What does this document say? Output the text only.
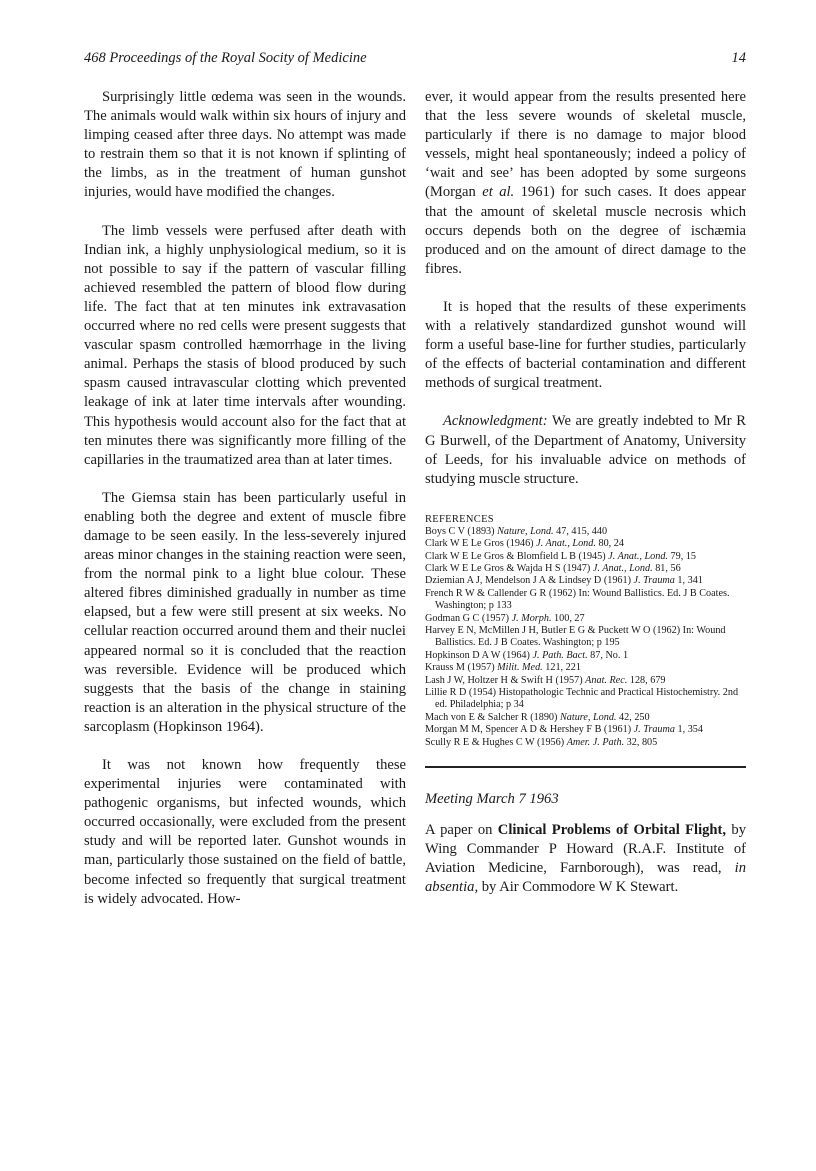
468 Proceedings of the Royal Socity of Medicine	14

Surprisingly little œdema was seen in the wounds. The animals would walk within six hours of injury and limping ceased after three days. No attempt was made to restrain them so that it is not known if splinting of the limbs, as in the treatment of human gunshot injuries, would have modified the changes.

The limb vessels were perfused after death with Indian ink, a highly unphysiological medium, so it is not possible to say if the pattern of vascular filling achieved resembled the pattern of blood flow during life. The fact that at ten minutes ink extravasation occurred where no red cells were present suggests that vascular spasm controlled hæmorrhage in the living animal. Perhaps the stasis of blood produced by such spasm caused intravascular clotting which prevented leakage of ink at later time intervals after wounding. This hypothesis would account also for the fact that at ten minutes there was significantly more filling of the capillaries in the traumatized area than at later times.

The Giemsa stain has been particularly useful in enabling both the degree and extent of muscle fibre damage to be seen easily. In the less-severely injured areas minor changes in the staining reaction were seen, from the normal pink to a light blue colour. These altered fibres diminished gradually in number as time elapsed, but a few were still present at six weeks. No cellular reaction occurred around them and their nuclei appeared normal so it is concluded that the reaction was reversible. Evidence will be produced which suggests that the basis of the change in staining reaction is an alteration in the physical structure of the sarcoplasm (Hopkinson 1964).

It was not known how frequently these experimental injuries were contaminated with pathogenic organisms, but infected wounds, which occurred occasionally, were excluded from the present study and will be reported later. Gunshot wounds in man, particularly those sustained on the field of battle, become infected so frequently that surgical treatment is widely advocated. How-

ever, it would appear from the results presented here that the less severe wounds of skeletal muscle, particularly if there is no damage to major blood vessels, might heal spontaneously; indeed a policy of ‘wait and see’ has been adopted by some surgeons (Morgan et al. 1961) for such cases. It does appear that the amount of skeletal muscle necrosis which occurs depends both on the degree of ischæmia produced and on the amount of direct damage to the fibres.

It is hoped that the results of these experiments with a relatively standardized gunshot wound will form a useful base-line for further studies, particularly of the effects of bacterial contamination and different methods of surgical treatment.

Acknowledgment: We are greatly indebted to Mr R G Burwell, of the Department of Anatomy, University of Leeds, for his invaluable advice on methods of studying muscle structure.

REFERENCES
Boys C V (1893) Nature, Lond. 47, 415, 440
Clark W E Le Gros (1946) J. Anat., Lond. 80, 24
Clark W E Le Gros & Blomfield L B (1945) J. Anat., Lond. 79, 15
Clark W E Le Gros & Wajda H S (1947) J. Anat., Lond. 81, 56
Dziemian A J, Mendelson J A & Lindsey D (1961) J. Trauma 1, 341
French R W & Callender G R (1962) In: Wound Ballistics. Ed. J B Coates. Washington; p 133
Godman G C (1957) J. Morph. 100, 27
Harvey E N, McMillen J H, Butler E G & Puckett W O (1962) In: Wound Ballistics. Ed. J B Coates. Washington; p 195
Hopkinson D A W (1964) J. Path. Bact. 87, No. 1
Krauss M (1957) Milit. Med. 121, 221
Lash J W, Holtzer H & Swift H (1957) Anat. Rec. 128, 679
Lillie R D (1954) Histopathologic Technic and Practical Histochemistry. 2nd ed. Philadelphia; p 34
Mach von E & Salcher R (1890) Nature, Lond. 42, 250
Morgan M M, Spencer A D & Hershey F B (1961) J. Trauma 1, 354
Scully R E & Hughes C W (1956) Amer. J. Path. 32, 805
Meeting March 7 1963

A paper on Clinical Problems of Orbital Flight, by Wing Commander P Howard (R.A.F. Institute of Aviation Medicine, Farnborough), was read, in absentia, by Air Commodore W K Stewart.
